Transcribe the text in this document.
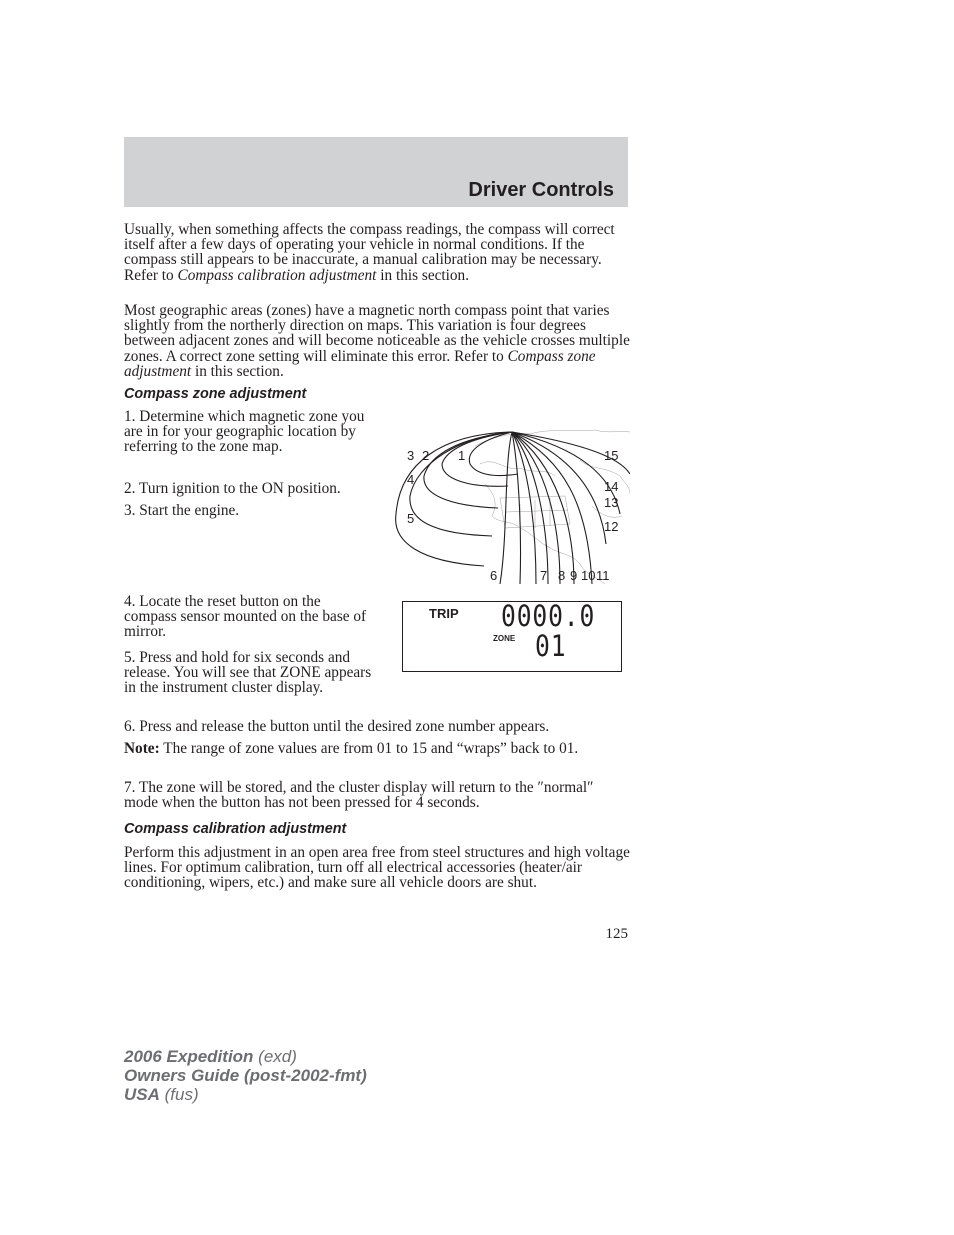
Driver Controls

Usually, when something affects the compass readings, the compass will correct itself after a few days of operating your vehicle in normal conditions. If the compass still appears to be inaccurate, a manual calibration may be necessary. Refer to Compass calibration adjustment in this section.

Most geographic areas (zones) have a magnetic north compass point that varies slightly from the northerly direction on maps. This variation is four degrees between adjacent zones and will become noticeable as the vehicle crosses multiple zones. A correct zone setting will eliminate this error. Refer to Compass zone adjustment in this section.

Compass zone adjustment

1. Determine which magnetic zone you are in for your geographic location by referring to the zone map.

2. Turn ignition to the ON position.

3. Start the engine.

3 2 1
4
5
15
14
13
12
6	7 8 9 10 11

4. Locate the reset button on the compass sensor mounted on the base of mirror.

5. Press and hold for six seconds and release. You will see that ZONE appears in the instrument cluster display.

TRIP 0000.0
ZONE 01

6. Press and release the button until the desired zone number appears.

Note: The range of zone values are from 01 to 15 and “wraps” back to 01.

7. The zone will be stored, and the cluster display will return to the ″normal″ mode when the button has not been pressed for 4 seconds.

Compass calibration adjustment

Perform this adjustment in an open area free from steel structures and high voltage lines. For optimum calibration, turn off all electrical accessories (heater/air conditioning, wipers, etc.) and make sure all vehicle doors are shut.

125
2006 Expedition (exd)
Owners Guide (post-2002-fmt)
USA (fus)
